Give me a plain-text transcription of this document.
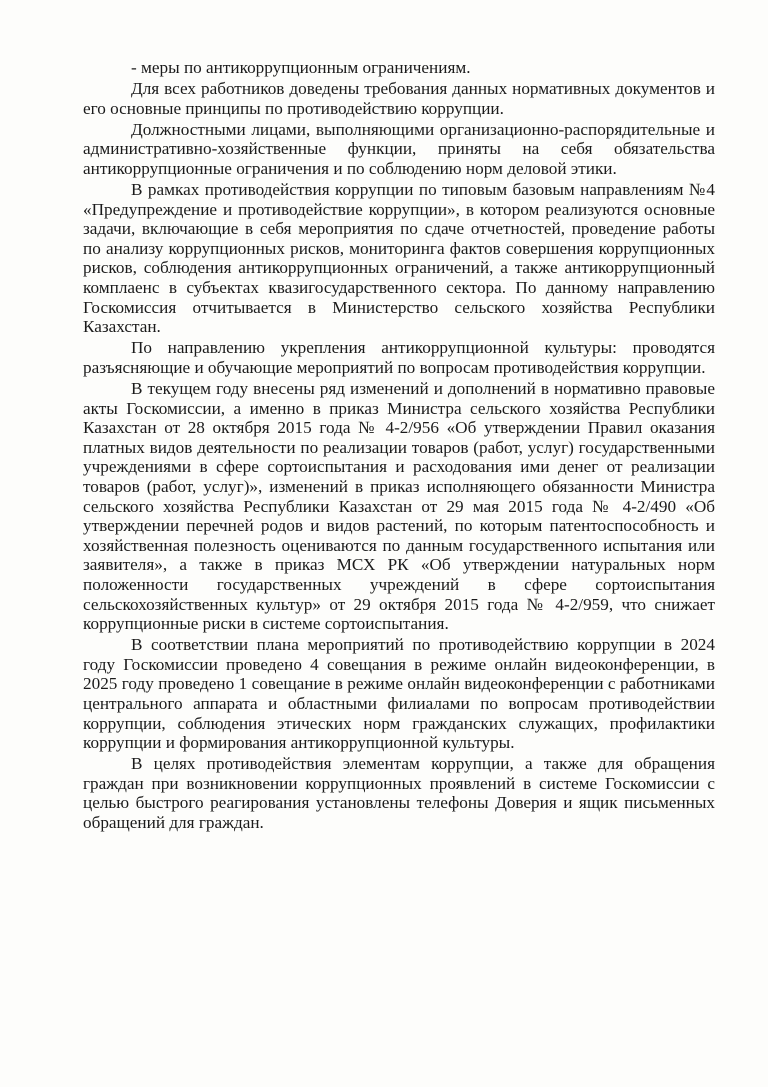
- меры по антикоррупционным ограничениям.

Для всех работников доведены требования данных нормативных документов и его основные принципы по противодействию коррупции.

Должностными лицами, выполняющими организационно-распорядительные и административно-хозяйственные функции, приняты на себя обязательства антикоррупционные ограничения и по соблюдению норм деловой этики.

В рамках противодействия коррупции по типовым базовым направлениям №4 «Предупреждение и противодействие коррупции», в котором реализуются основные задачи, включающие в себя мероприятия по сдаче отчетностей, проведение работы по анализу коррупционных рисков, мониторинга фактов совершения коррупционных рисков, соблюдения антикоррупционных ограничений, а также антикоррупционный комплаенс в субъектах квазигосударственного сектора. По данному направлению Госкомиссия отчитывается в Министерство сельского хозяйства Республики Казахстан.

По направлению укрепления антикоррупционной культуры: проводятся разъясняющие и обучающие мероприятий по вопросам противодействия коррупции.

В текущем году внесены ряд изменений и дополнений в нормативно правовые акты Госкомиссии, а именно в приказ Министра сельского хозяйства Республики Казахстан от 28 октября 2015 года № 4-2/956 «Об утверждении Правил оказания платных видов деятельности по реализации товаров (работ, услуг) государственными учреждениями в сфере сортоиспытания и расходования ими денег от реализации товаров (работ, услуг)», изменений в приказ исполняющего обязанности Министра сельского хозяйства Республики Казахстан от 29 мая 2015 года № 4-2/490 «Об утверждении перечней родов и видов растений, по которым патентоспособность и хозяйственная полезность оцениваются по данным государственного испытания или заявителя», а также в приказ МСХ РК «Об утверждении натуральных норм положенности государственных учреждений в сфере сортоиспытания сельскохозяйственных культур» от 29 октября 2015 года № 4-2/959, что снижает коррупционные риски в системе сортоиспытания.

В соответствии плана мероприятий по противодействию коррупции в 2024 году Госкомиссии проведено 4 совещания в режиме онлайн видеоконференции, в 2025 году проведено 1 совещание в режиме онлайн видеоконференции с работниками центрального аппарата и областными филиалами по вопросам противодействии коррупции, соблюдения этических норм гражданских служащих, профилактики коррупции и формирования антикоррупционной культуры.

В целях противодействия элементам коррупции, а также для обращения граждан при возникновении коррупционных проявлений в системе Госкомиссии с целью быстрого реагирования установлены телефоны Доверия и ящик письменных обращений для граждан.
